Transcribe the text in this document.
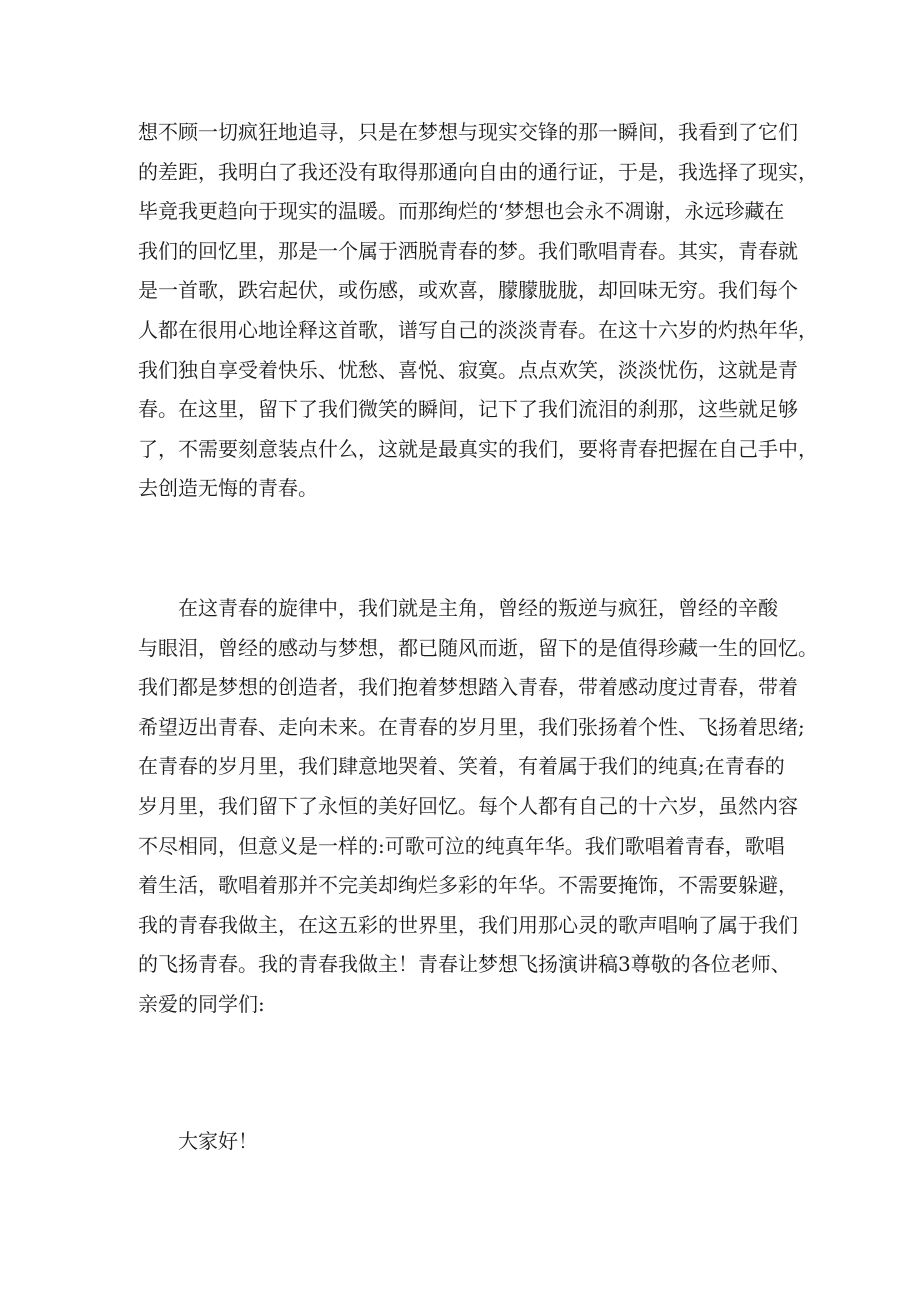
想不顾一切疯狂地追寻，只是在梦想与现实交锋的那一瞬间，我看到了它们
的差距，我明白了我还没有取得那通向自由的通行证，于是，我选择了现实，
毕竟我更趋向于现实的温暖。而那绚烂的‘梦想也会永不凋谢，永远珍藏在
我们的回忆里，那是一个属于洒脱青春的梦。我们歌唱青春。其实，青春就
是一首歌，跌宕起伏，或伤感，或欢喜，朦朦胧胧，却回味无穷。我们每个
人都在很用心地诠释这首歌，谱写自己的淡淡青春。在这十六岁的灼热年华，
我们独自享受着快乐、忧愁、喜悦、寂寞。点点欢笑，淡淡忧伤，这就是青
春。在这里，留下了我们微笑的瞬间，记下了我们流泪的刹那，这些就足够
了，不需要刻意装点什么，这就是最真实的我们，要将青春把握在自己手中，
去创造无悔的青春。
在这青春的旋律中，我们就是主角，曾经的叛逆与疯狂，曾经的辛酸
与眼泪，曾经的感动与梦想，都已随风而逝，留下的是值得珍藏一生的回忆。
我们都是梦想的创造者，我们抱着梦想踏入青春，带着感动度过青春，带着
希望迈出青春、走向未来。在青春的岁月里，我们张扬着个性、飞扬着思绪;
在青春的岁月里，我们肆意地哭着、笑着，有着属于我们的纯真;在青春的
岁月里，我们留下了永恒的美好回忆。每个人都有自己的十六岁，虽然内容
不尽相同，但意义是一样的:可歌可泣的纯真年华。我们歌唱着青春，歌唱
着生活，歌唱着那并不完美却绚烂多彩的年华。不需要掩饰，不需要躲避，
我的青春我做主，在这五彩的世界里，我们用那心灵的歌声唱响了属于我们
的飞扬青春。我的青春我做主！青春让梦想飞扬演讲稿3尊敬的各位老师、
亲爱的同学们:
大家好！
